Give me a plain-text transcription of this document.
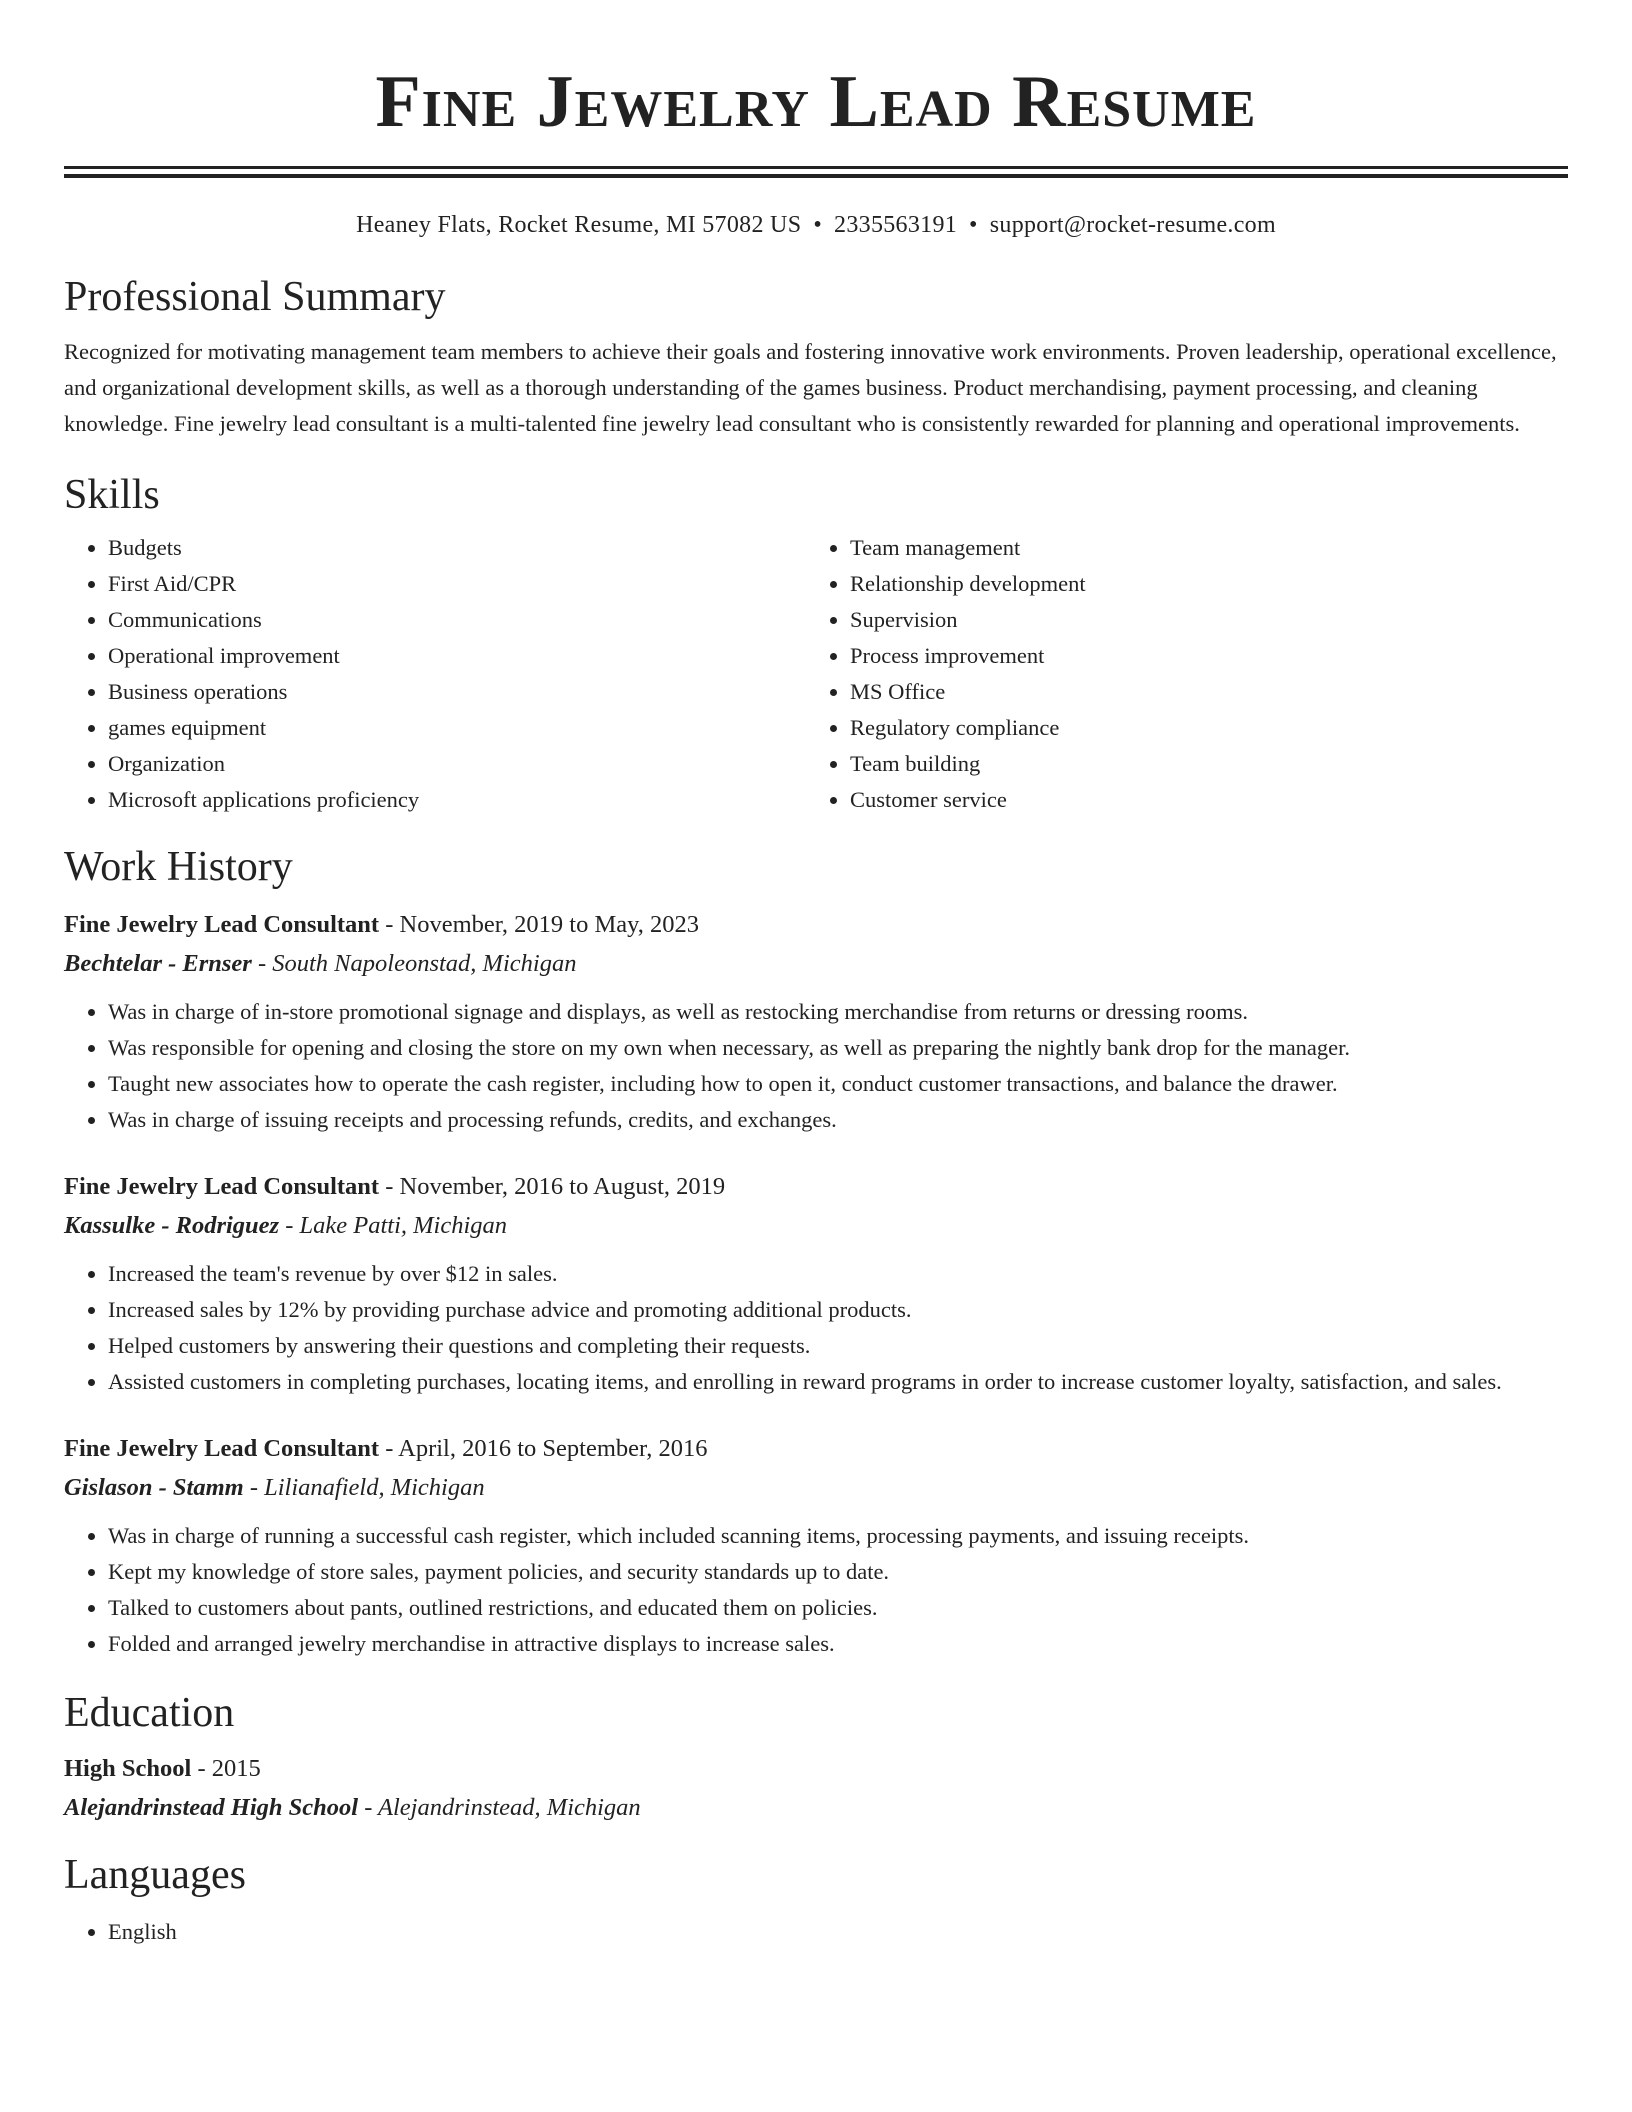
Fine Jewelry Lead Resume
Heaney Flats, Rocket Resume, MI 57082 US • 2335563191 • support@rocket-resume.com
Professional Summary

Recognized for motivating management team members to achieve their goals and fostering innovative work environments. Proven leadership, operational excellence, and organizational development skills, as well as a thorough understanding of the games business. Product merchandising, payment processing, and cleaning knowledge. Fine jewelry lead consultant is a multi-talented fine jewelry lead consultant who is consistently rewarded for planning and operational improvements.

Skills
• Budgets
• First Aid/CPR
• Communications
• Operational improvement
• Business operations
• games equipment
• Organization
• Microsoft applications proficiency
• Team management
• Relationship development
• Supervision
• Process improvement
• MS Office
• Regulatory compliance
• Team building
• Customer service
Work History
Fine Jewelry Lead Consultant - November, 2019 to May, 2023
Bechtelar - Ernser - South Napoleonstad, Michigan
• Was in charge of in-store promotional signage and displays, as well as restocking merchandise from returns or dressing rooms.
• Was responsible for opening and closing the store on my own when necessary, as well as preparing the nightly bank drop for the manager.
• Taught new associates how to operate the cash register, including how to open it, conduct customer transactions, and balance the drawer.
• Was in charge of issuing receipts and processing refunds, credits, and exchanges.
Fine Jewelry Lead Consultant - November, 2016 to August, 2019
Kassulke - Rodriguez - Lake Patti, Michigan
• Increased the team's revenue by over $12 in sales.
• Increased sales by 12% by providing purchase advice and promoting additional products.
• Helped customers by answering their questions and completing their requests.
• Assisted customers in completing purchases, locating items, and enrolling in reward programs in order to increase customer loyalty, satisfaction, and sales.
Fine Jewelry Lead Consultant - April, 2016 to September, 2016
Gislason - Stamm - Lilianafield, Michigan
• Was in charge of running a successful cash register, which included scanning items, processing payments, and issuing receipts.
• Kept my knowledge of store sales, payment policies, and security standards up to date.
• Talked to customers about pants, outlined restrictions, and educated them on policies.
• Folded and arranged jewelry merchandise in attractive displays to increase sales.
Education
High School - 2015
Alejandrinstead High School - Alejandrinstead, Michigan
Languages
• English
